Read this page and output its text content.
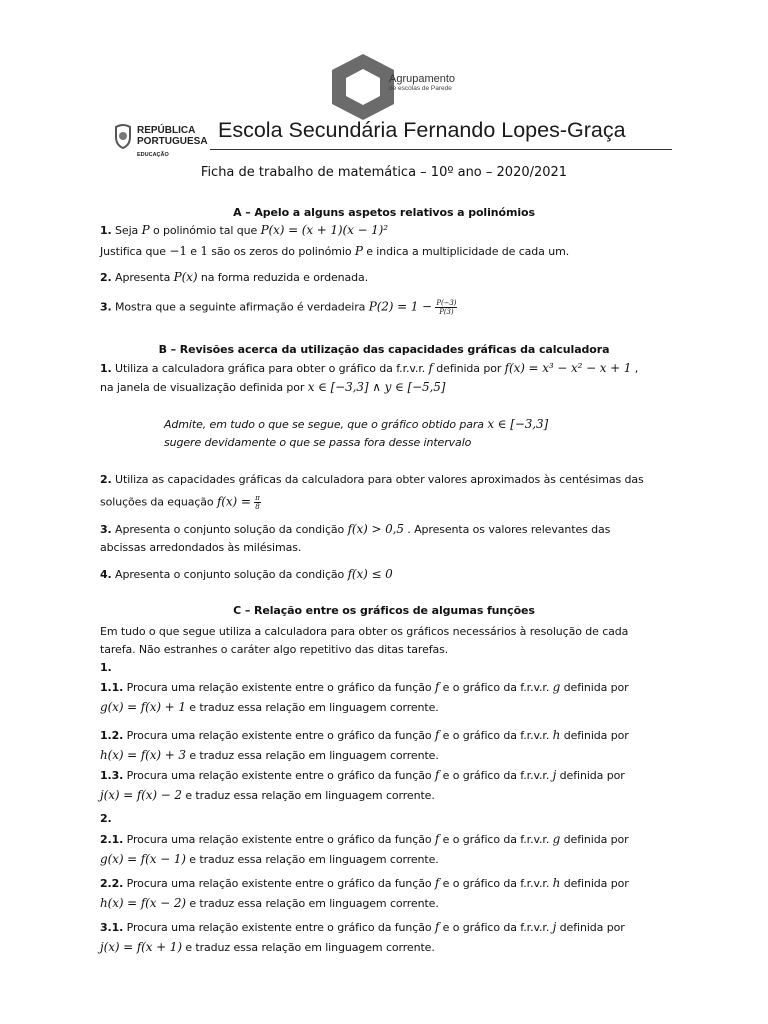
Agrupamento
de escolas de Parede
REPÚBLICA
PORTUGUESA
EDUCAÇÃO
Escola Secundária Fernando Lopes-Graça
Ficha de trabalho de matemática – 10º ano – 2020/2021
A – Apelo a alguns aspetos relativos a polinómios
1. Seja P o polinómio tal que P(x) = (x + 1)(x − 1)²
Justifica que −1 e 1 são os zeros do polinómio P e indica a multiplicidade de cada um.
2. Apresenta P(x) na forma reduzida e ordenada.
3. Mostra que a seguinte afirmação é verdadeira $P(2) = 1 - \frac{P(-3)}{P(3)}$
B – Revisões acerca da utilização das capacidades gráficas da calculadora
1. Utiliza a calculadora gráfica para obter o gráfico da f.r.v.r. f definida por f(x) = x³ − x² − x + 1 ,
na janela de visualização definida por x ∈ [−3,3] ∧ y ∈ [−5,5]
Admite, em tudo o que se segue, que o gráfico obtido para x ∈ [−3,3]
sugere devidamente o que se passa fora desse intervalo
2. Utiliza as capacidades gráficas da calculadora para obter valores aproximados às centésimas das
soluções da equação $f(x) = \frac{\pi}{8}$
3. Apresenta o conjunto solução da condição f(x) > 0,5 . Apresenta os valores relevantes das
abcissas arredondados às milésimas.
4. Apresenta o conjunto solução da condição f(x) ≤ 0
C – Relação entre os gráficos de algumas funções
Em tudo o que segue utiliza a calculadora para obter os gráficos necessários à resolução de cada
tarefa. Não estranhes o caráter algo repetitivo das ditas tarefas.
1.
1.1. Procura uma relação existente entre o gráfico da função f e o gráfico da f.r.v.r. g definida por
g(x) = f(x) + 1 e traduz essa relação em linguagem corrente.
1.2. Procura uma relação existente entre o gráfico da função f e o gráfico da f.r.v.r. h definida por
h(x) = f(x) + 3 e traduz essa relação em linguagem corrente.
1.3. Procura uma relação existente entre o gráfico da função f e o gráfico da f.r.v.r. j definida por
j(x) = f(x) − 2 e traduz essa relação em linguagem corrente.
2.1. Procura uma relação existente entre o gráfico da função f e o gráfico da f.r.v.r. g definida por
g(x) = f(x − 1) e traduz essa relação em linguagem corrente.
2.2. Procura uma relação existente entre o gráfico da função f e o gráfico da f.r.v.r. h definida por
h(x) = f(x − 2) e traduz essa relação em linguagem corrente.
3.1. Procura uma relação existente entre o gráfico da função f e o gráfico da f.r.v.r. j definida por
j(x) = f(x + 1) e traduz essa relação em linguagem corrente.
2.
